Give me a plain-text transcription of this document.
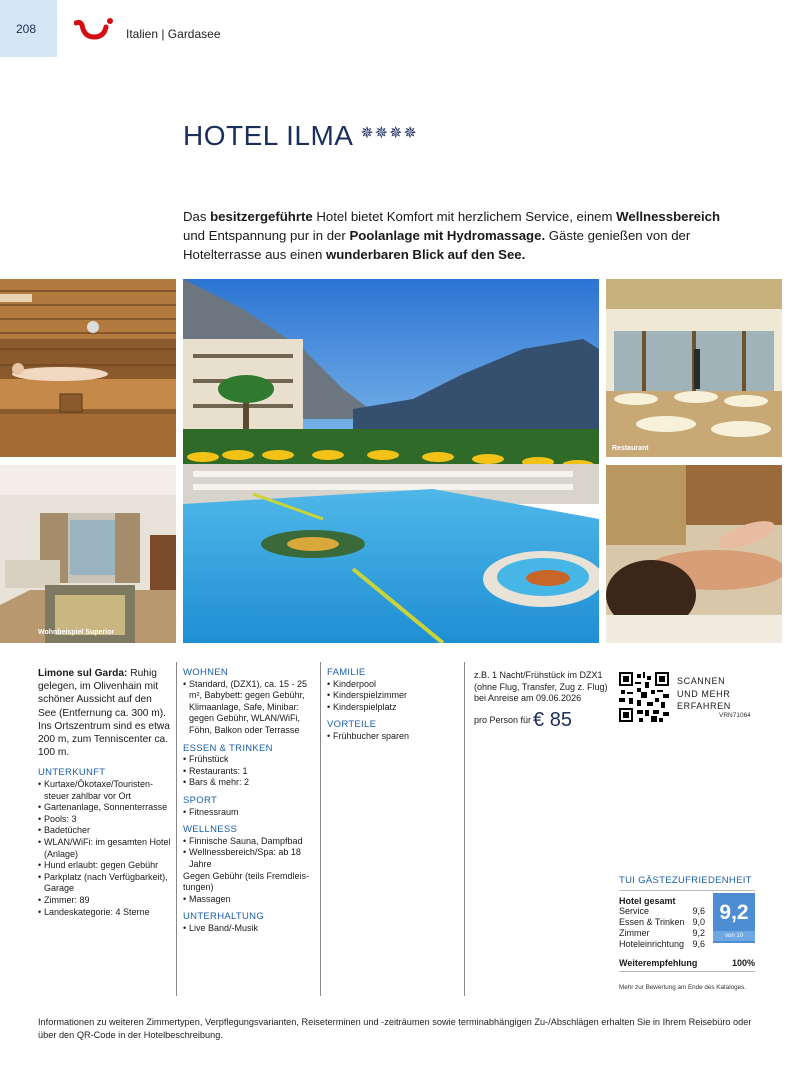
208	Italien | Gardasee
HOTEL ILMA ✵✵✵✵

Das besitzergeführte Hotel bietet Komfort mit herzlichem Service, einem Wellnessbereich und Entspannung pur in der Poolanlage mit Hydromassage. Gäste genießen von der Hotelterrasse aus einen wunderbaren Blick auf den See.

Wohnbeispiel Superior
Restaurant

Limone sul Garda: Ruhig gelegen, im Olivenhain mit schöner Aussicht auf den See (Entfernung ca. 300 m). Ins Ortszentrum sind es etwa 200 m, zum Tenniscenter ca. 100 m.

UNTERKUNFT
• Kurtaxe/Ökotaxe/Touristen-
steuer zahlbar vor Ort
• Gartenanlage, Sonnenterrasse
• Pools: 3
• Badetücher
• WLAN/WiFi: im gesamten Hotel
(Anlage)
• Hund erlaubt: gegen Gebühr
• Parkplatz (nach Verfügbarkeit),
Garage
• Zimmer: 89
• Landeskategorie: 4 Sterne
WOHNEN
• Standard, (DZX1), ca. 15 - 25 m², Babybett: gegen Gebühr, Klimaanlage, Safe, Minibar: gegen Gebühr, WLAN/WiFi, Föhn, Balkon oder Terrasse
ESSEN & TRINKEN
• Frühstück
• Restaurants: 1
• Bars & mehr: 2
SPORT
• Fitnessraum
WELLNESS
• Finnische Sauna, Dampfbad
• Wellnessbereich/Spa: ab 18 Jahre
Gegen Gebühr (teils Fremdleistungen)
• Massagen
UNTERHALTUNG
• Live Band/-Musik
FAMILIE
• Kinderpool
• Kinderspielzimmer
• Kinderspielplatz
VORTEILE
• Frühbucher sparen
z.B. 1 Nacht/Frühstück im DZX1 (ohne Flug, Transfer, Zug z. Flug) bei Anreise am 09.06.2026
pro Person für € 85
SCANNEN
UND MEHR
ERFAHREN
VRN71064
TUI GÄSTEZUFRIEDENHEIT
Hotel gesamt
Service	9,6
Essen & Trinken 9,0
Zimmer	9,2
Hoteleinrichtung 9,6
9,2
von 10
Weiterempfehlung	100%
Mehr zur Bewertung am Ende des Kataloges.

Informationen zu weiteren Zimmertypen, Verpflegungsvarianten, Reiseterminen und -zeiträumen sowie terminabhängigen Zu-/Abschlägen erhalten Sie in Ihrem Reisebüro oder über den QR-Code in der Hotelbeschreibung.
